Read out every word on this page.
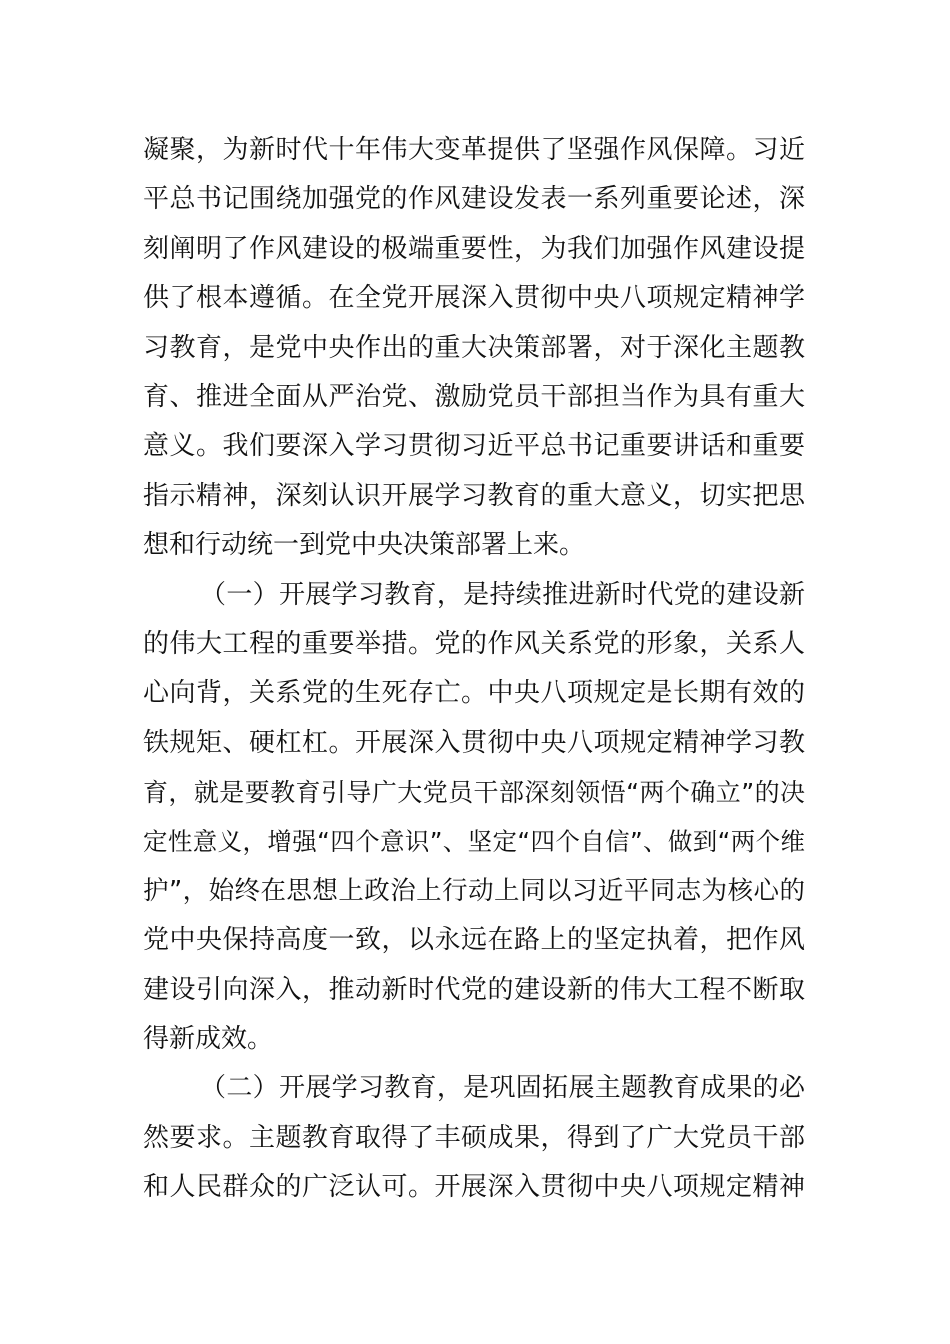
凝聚，为新时代十年伟大变革提供了坚强作风保障。习近
平总书记围绕加强党的作风建设发表一系列重要论述，深
刻阐明了作风建设的极端重要性，为我们加强作风建设提
供了根本遵循。在全党开展深入贯彻中央八项规定精神学
习教育，是党中央作出的重大决策部署，对于深化主题教
育、推进全面从严治党、激励党员干部担当作为具有重大
意义。我们要深入学习贯彻习近平总书记重要讲话和重要
指示精神，深刻认识开展学习教育的重大意义，切实把思
想和行动统一到党中央决策部署上来。
（一）开展学习教育，是持续推进新时代党的建设新
的伟大工程的重要举措。党的作风关系党的形象，关系人
心向背，关系党的生死存亡。中央八项规定是长期有效的
铁规矩、硬杠杠。开展深入贯彻中央八项规定精神学习教
育，就是要教育引导广大党员干部深刻领悟“两个确立”的决
定性意义，增强“四个意识”、坚定“四个自信”、做到“两个维
护”，始终在思想上政治上行动上同以习近平同志为核心的
党中央保持高度一致，以永远在路上的坚定执着，把作风
建设引向深入，推动新时代党的建设新的伟大工程不断取
得新成效。
（二）开展学习教育，是巩固拓展主题教育成果的必
然要求。主题教育取得了丰硕成果，得到了广大党员干部
和人民群众的广泛认可。开展深入贯彻中央八项规定精神
